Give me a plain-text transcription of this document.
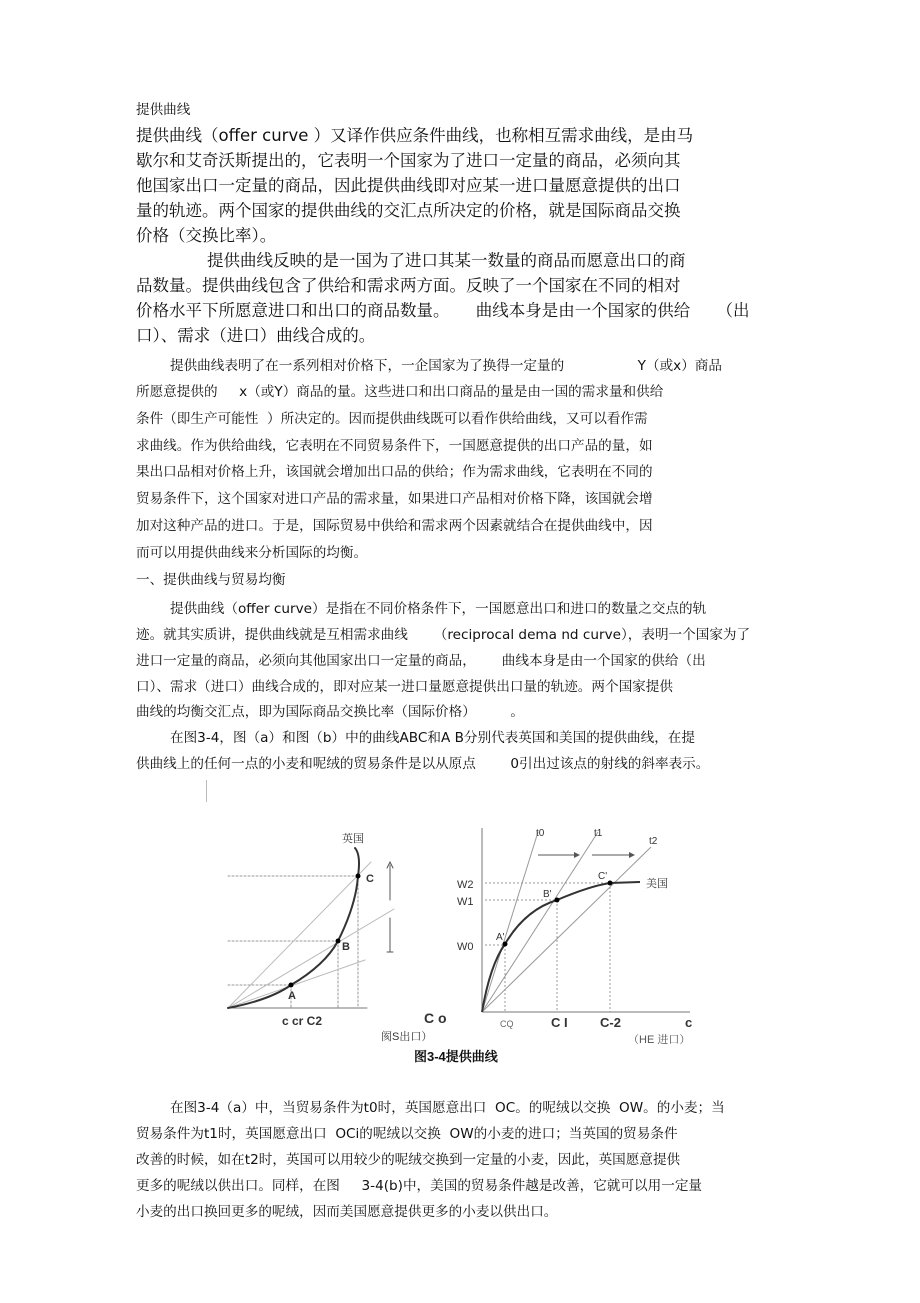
提供曲线
提供曲线（offer curve ）又译作供应条件曲线，也称相互需求曲线，是由马
歇尔和艾奇沃斯提出的，它表明一个国家为了进口一定量的商品，必须向其
他国家出口一定量的商品，因此提供曲线即对应某一进口量愿意提供的出口
量的轨迹。两个国家的提供曲线的交汇点所决定的价格，就是国际商品交换
价格（交换比率）。
提供曲线反映的是一国为了进口其某一数量的商品而愿意出口的商
品数量。提供曲线包含了供给和需求两方面。反映了一个国家在不同的相对
价格水平下所愿意进口和出口的商品数量。     曲线本身是由一个国家的供给     （出
口）、需求（进口）曲线合成的。
提供曲线表明了在一系列相对价格下，一企国家为了换得一定量的                 Y（或x）商品
所愿意提供的     x（或Y）商品的量。这些进口和出口商品的量是由一国的需求量和供给
条件（即生产可能性  ）所决定的。因而提供曲线既可以看作供给曲线，又可以看作需
求曲线。作为供给曲线，它表明在不同贸易条件下，一国愿意提供的出口产品的量，如
果出口品相对价格上升，该国就会增加出口品的供给；作为需求曲线，它表明在不同的
贸易条件下，这个国家对进口产品的需求量，如果进口产品相对价格下降，该国就会增
加对这种产品的进口。于是，国际贸易中供给和需求两个因素就结合在提供曲线中，因
而可以用提供曲线来分析国际的均衡。
一、提供曲线与贸易均衡
提供曲线（offer curve）是指在不同价格条件下，一国愿意出口和进口的数量之交点的轨
迹。就其实质讲，提供曲线就是互相需求曲线      （reciprocal dema nd curve），表明一个国家为了
进口一定量的商品，必须向其他国家出口一定量的商品，      曲线本身是由一个国家的供给（出
口）、需求（进口）曲线合成的，即对应某一进口量愿意提供出口量的轨迹。两个国家提供
曲线的均衡交汇点，即为国际商品交换比率（国际价格）        。
在图3-4，图（a）和图（b）中的曲线ABC和A B分别代表英国和美国的提供曲线，在提
供曲线上的任何一点的小麦和呢绒的贸易条件是以从原点        0引出过该点的射线的斜率表示。
英国
A
B
C
c cr C2	C o
阂S出口）
t0	t1
t2
美国
A'
B'
C'
W2
W1
W0
CQ	C I C-2	c
（HE 进口）
图3-4提供曲线
在图3-4（a）中，当贸易条件为t0时，英国愿意出口  OC。的呢绒以交换  OW。的小麦；当
贸易条件为t1时，英国愿意出口  OCi的呢绒以交换  OW的小麦的进口；当英国的贸易条件
改善的时候，如在t2时，英国可以用较少的呢绒交换到一定量的小麦，因此，英国愿意提供
更多的呢绒以供出口。同样，在图     3-4(b)中，美国的贸易条件越是改善，它就可以用一定量
小麦的出口换回更多的呢绒，因而美国愿意提供更多的小麦以供出口。
